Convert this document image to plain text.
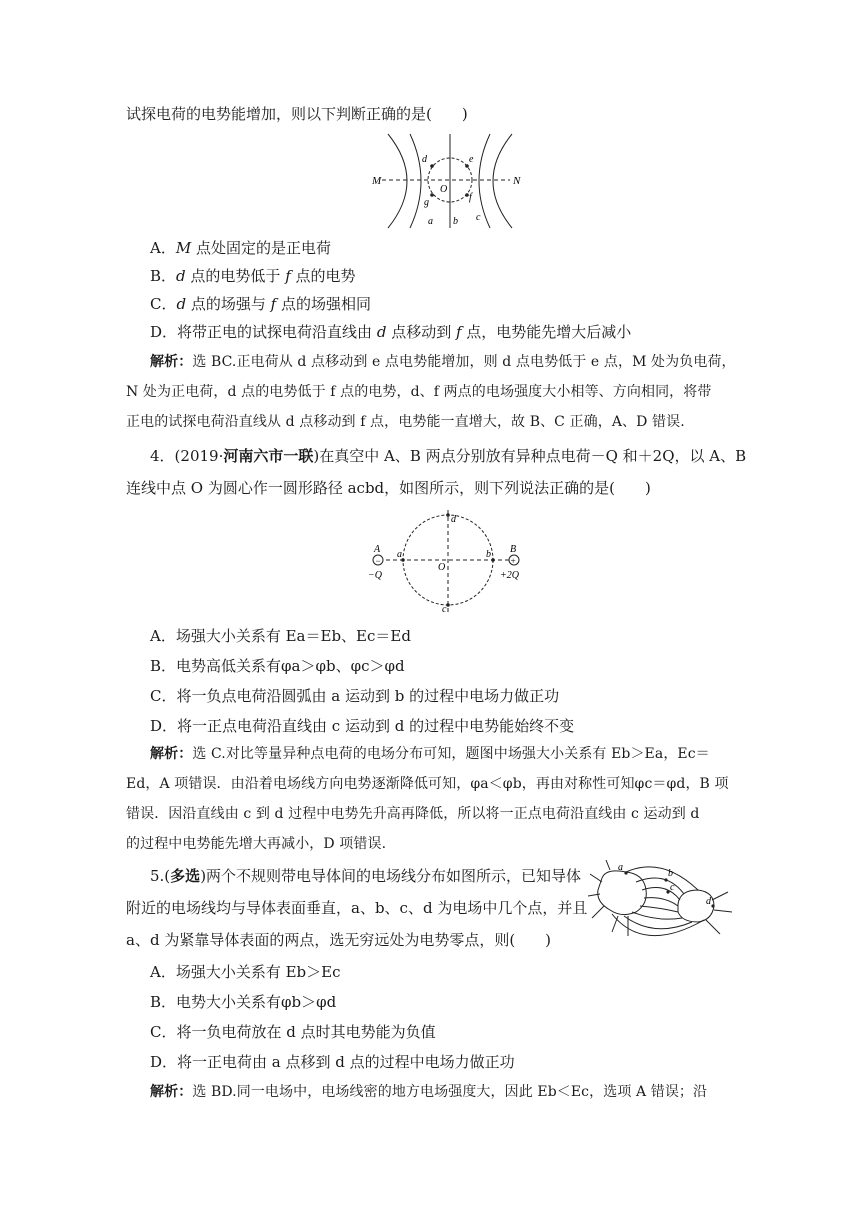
试探电荷的电势能增加，则以下判断正确的是(　　)
M	N
d	e
O
g	f
a b c
A．M 点处固定的是正电荷
B．d 点的电势低于 f 点的电势
C．d 点的场强与 f 点的场强相同
D．将带正电的试探电荷沿直线由 d 点移动到 f 点，电势能先增大后减小
解析：选 BC.正电荷从 d 点移动到 e 点电势能增加，则 d 点电势低于 e 点，M 处为负电荷，
N 处为正电荷，d 点的电势低于 f 点的电势，d、f 两点的电场强度大小相等、方向相同，将带
正电的试探电荷沿直线从 d 点移动到 f 点，电势能一直增大，故 B、C 正确，A、D 错误.
4．(2019·河南六市一联)在真空中 A、B 两点分别放有异种点电荷－Q 和＋2Q，以 A、B
连线中点 O 为圆心作一圆形路径 acbd，如图所示，则下列说法正确的是(　　)
d
A a
O
b B
−Q	+2Q
c
−	+
A．场强大小关系有 Ea＝Eb、Ec＝Ed
B．电势高低关系有φa＞φb、φc＞φd
C．将一负点电荷沿圆弧由 a 运动到 b 的过程中电场力做正功
D．将一正点电荷沿直线由 c 运动到 d 的过程中电势能始终不变
解析：选 C.对比等量异种点电荷的电场分布可知，题图中场强大小关系有 Eb＞Ea，Ec＝
Ed，A 项错误．由沿着电场线方向电势逐渐降低可知，φa＜φb，再由对称性可知φc＝φd，B 项
错误．因沿直线由 c 到 d 过程中电势先升高再降低，所以将一正点电荷沿直线由 c 运动到 d
的过程中电势能先增大再减小，D 项错误.
5.(多选)两个不规则带电导体间的电场线分布如图所示，已知导体
附近的电场线均与导体表面垂直，a、b、c、d 为电场中几个点，并且
a、d 为紧靠导体表面的两点，选无穷远处为电势零点，则(　　)
a
b
c
d
A．场强大小关系有 Eb＞Ec
B．电势大小关系有φb＞φd
C．将一负电荷放在 d 点时其电势能为负值
D．将一正电荷由 a 点移到 d 点的过程中电场力做正功
解析：选 BD.同一电场中，电场线密的地方电场强度大，因此 Eb＜Ec，选项 A 错误；沿
